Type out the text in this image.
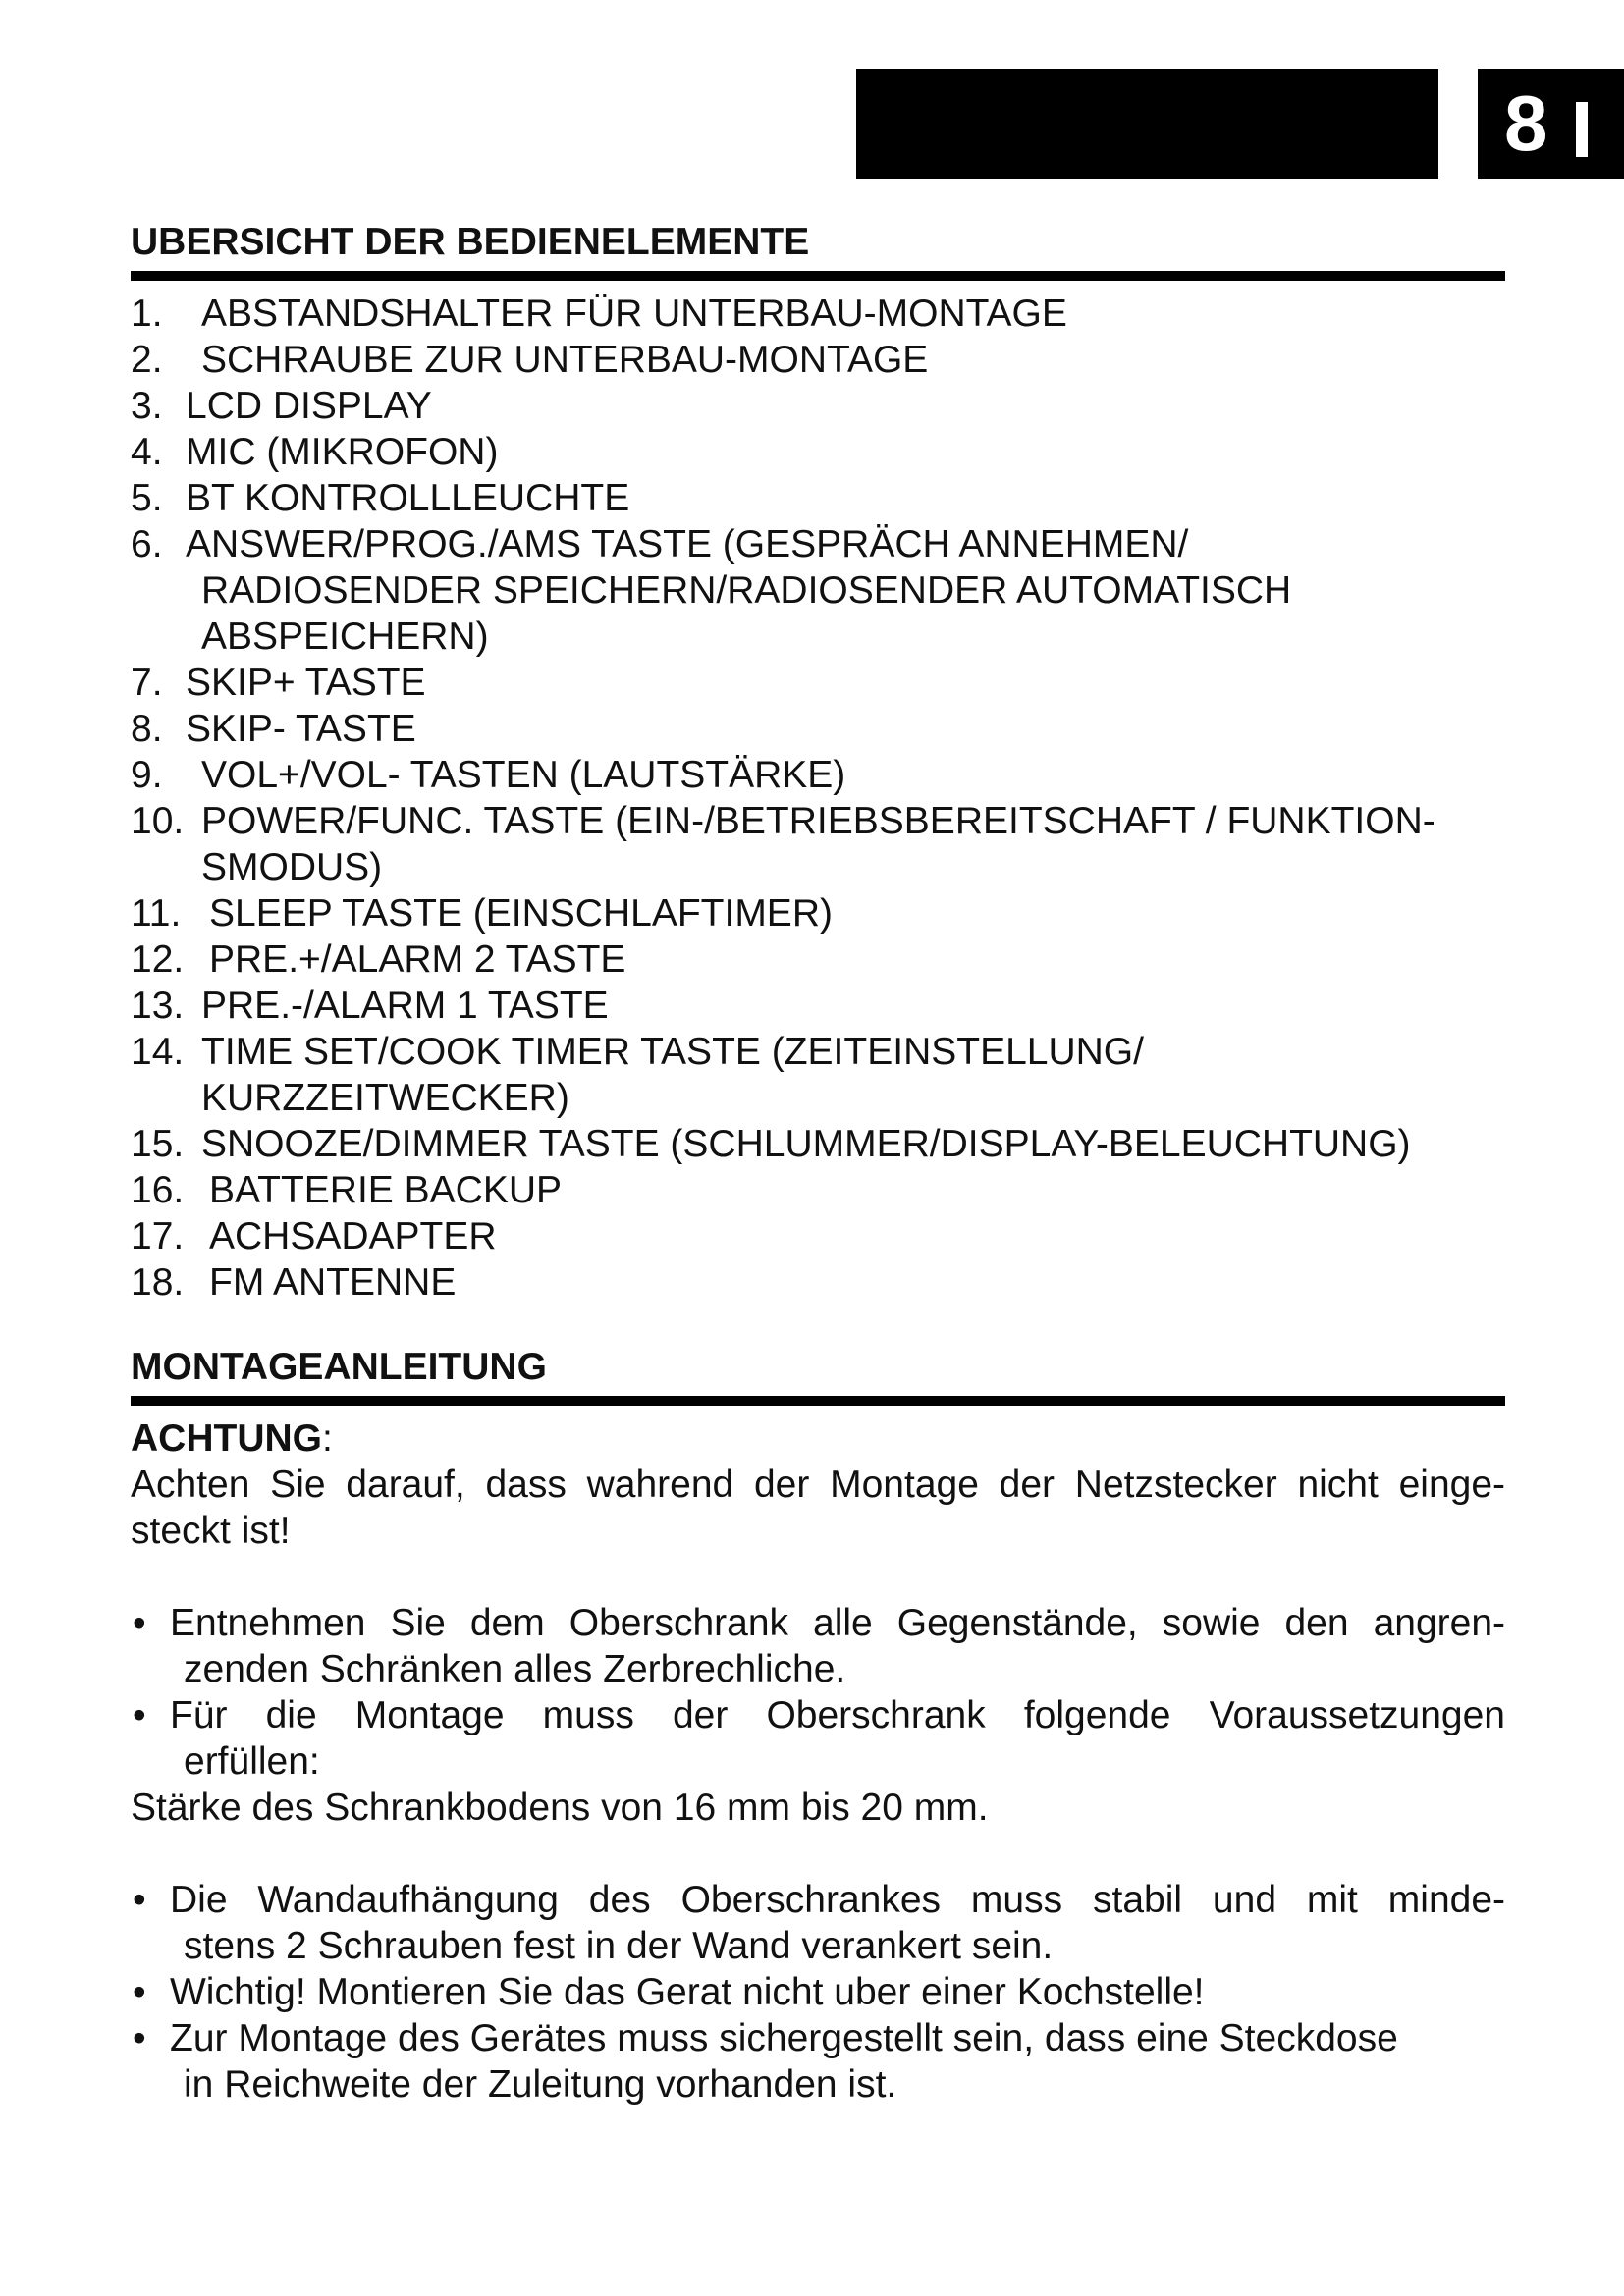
8
UBERSICHT DER BEDIENELEMENTE
1. ABSTANDSHALTER FÜR UNTERBAU-MONTAGE
2. SCHRAUBE ZUR UNTERBAU-MONTAGE
3. LCD DISPLAY
4. MIC (MIKROFON)
5. BT KONTROLLLEUCHTE
6. ANSWER/PROG./AMS TASTE (GESPRÄCH ANNEHMEN/
RADIOSENDER SPEICHERN/RADIOSENDER AUTOMATISCH
ABSPEICHERN)
7. SKIP+ TASTE
8. SKIP- TASTE
9. VOL+/VOL- TASTEN (LAUTSTÄRKE)
10. POWER/FUNC. TASTE (EIN-/BETRIEBSBEREITSCHAFT / FUNKTION-
SMODUS)
11. SLEEP TASTE (EINSCHLAFTIMER)
12. PRE.+/ALARM 2 TASTE
13. PRE.-/ALARM 1 TASTE
14. TIME SET/COOK TIMER TASTE (ZEITEINSTELLUNG/
KURZZEITWECKER)
15. SNOOZE/DIMMER TASTE (SCHLUMMER/DISPLAY-BELEUCHTUNG)
16. BATTERIE BACKUP
17. ACHSADAPTER
18. FM ANTENNE
MONTAGEANLEITUNG
ACHTUNG:

Achten Sie darauf, dass wahrend der Montage der Netzstecker nicht einge-
steckt ist!

• Entnehmen Sie dem Oberschrank alle Gegenstände, sowie den angren-
zenden Schränken alles Zerbrechliche.
• Für die Montage muss der Oberschrank folgende Voraussetzungen
erfüllen:

Stärke des Schrankbodens von 16 mm bis 20 mm.

• Die Wandaufhängung des Oberschrankes muss stabil und mit minde-
stens 2 Schrauben fest in der Wand verankert sein.
• Wichtig! Montieren Sie das Gerat nicht uber einer Kochstelle!
• Zur Montage des Gerätes muss sichergestellt sein, dass eine Steckdose
in Reichweite der Zuleitung vorhanden ist.
